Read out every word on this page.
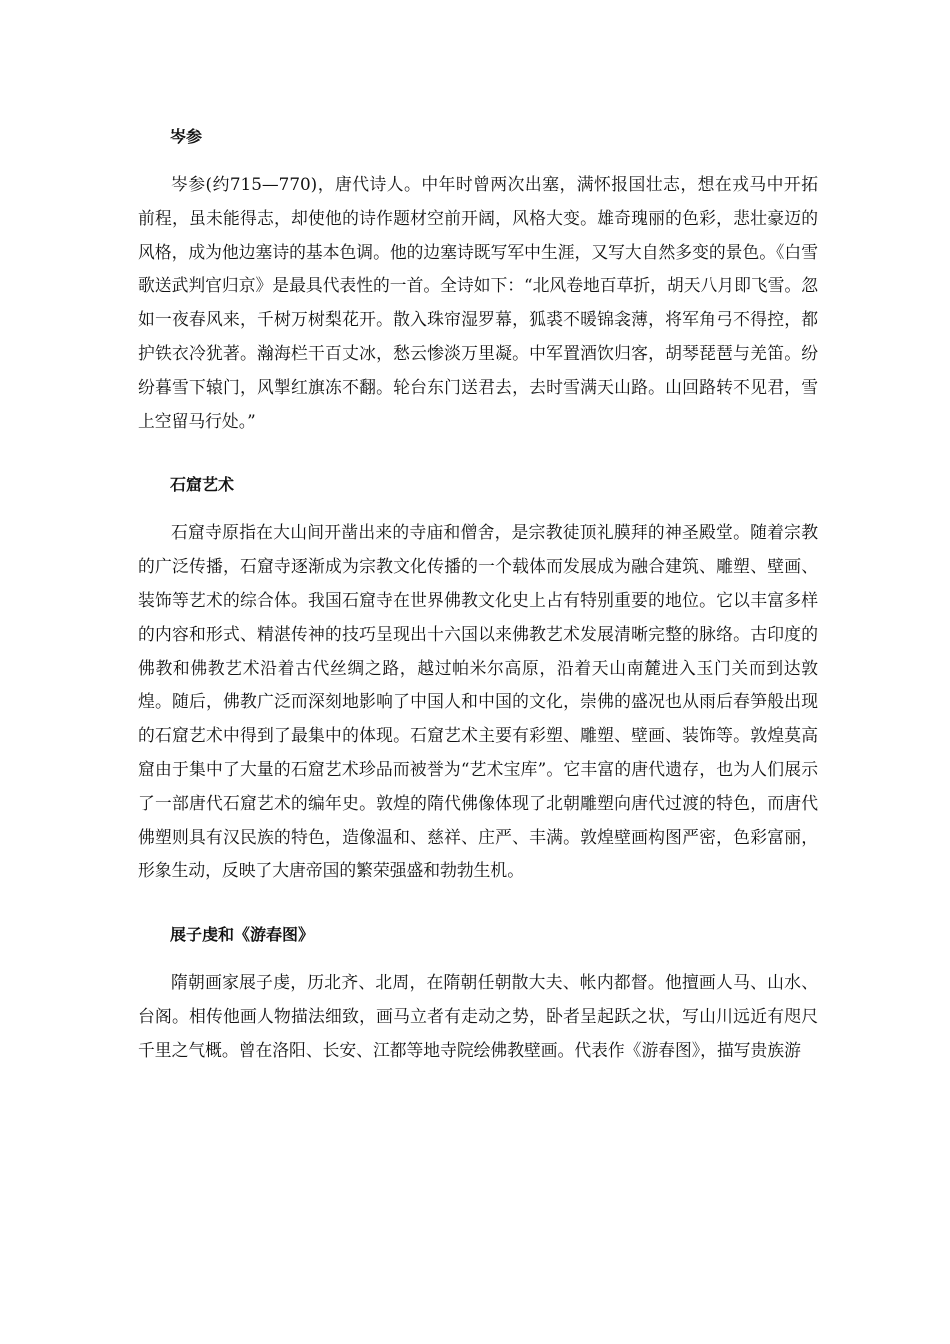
岑参

岑参(约715—770)，唐代诗人。中年时曾两次出塞，满怀报国壮志，想在戎马中开拓前程，虽未能得志，却使他的诗作题材空前开阔，风格大变。雄奇瑰丽的色彩，悲壮豪迈的风格，成为他边塞诗的基本色调。他的边塞诗既写军中生涯，又写大自然多变的景色。《白雪歌送武判官归京》是最具代表性的一首。全诗如下：“北风卷地百草折，胡天八月即飞雪。忽如一夜春风来，千树万树梨花开。散入珠帘湿罗幕，狐裘不暖锦衾薄，将军角弓不得控，都护铁衣冷犹著。瀚海栏干百丈冰，愁云惨淡万里凝。中军置酒饮归客，胡琴琵琶与羌笛。纷纷暮雪下辕门，风掣红旗冻不翻。轮台东门送君去，去时雪满天山路。山回路转不见君，雪上空留马行处。”

石窟艺术

石窟寺原指在大山间开凿出来的寺庙和僧舍，是宗教徒顶礼膜拜的神圣殿堂。随着宗教的广泛传播，石窟寺逐渐成为宗教文化传播的一个载体而发展成为融合建筑、雕塑、壁画、装饰等艺术的综合体。我国石窟寺在世界佛教文化史上占有特别重要的地位。它以丰富多样的内容和形式、精湛传神的技巧呈现出十六国以来佛教艺术发展清晰完整的脉络。古印度的佛教和佛教艺术沿着古代丝绸之路，越过帕米尔高原，沿着天山南麓进入玉门关而到达敦煌。随后，佛教广泛而深刻地影响了中国人和中国的文化，崇佛的盛况也从雨后春笋般出现的石窟艺术中得到了最集中的体现。石窟艺术主要有彩塑、雕塑、壁画、装饰等。敦煌莫高窟由于集中了大量的石窟艺术珍品而被誉为“艺术宝库”。它丰富的唐代遗存，也为人们展示了一部唐代石窟艺术的编年史。敦煌的隋代佛像体现了北朝雕塑向唐代过渡的特色，而唐代佛塑则具有汉民族的特色，造像温和、慈祥、庄严、丰满。敦煌壁画构图严密，色彩富丽，形象生动，反映了大唐帝国的繁荣强盛和勃勃生机。

展子虔和《游春图》

隋朝画家展子虔，历北齐、北周，在隋朝任朝散大夫、帐内都督。他擅画人马、山水、台阁。相传他画人物描法细致，画马立者有走动之势，卧者呈起跃之状，写山川远近有咫尺千里之气概。曾在洛阳、长安、江都等地寺院绘佛教壁画。代表作《游春图》，描写贵族游
